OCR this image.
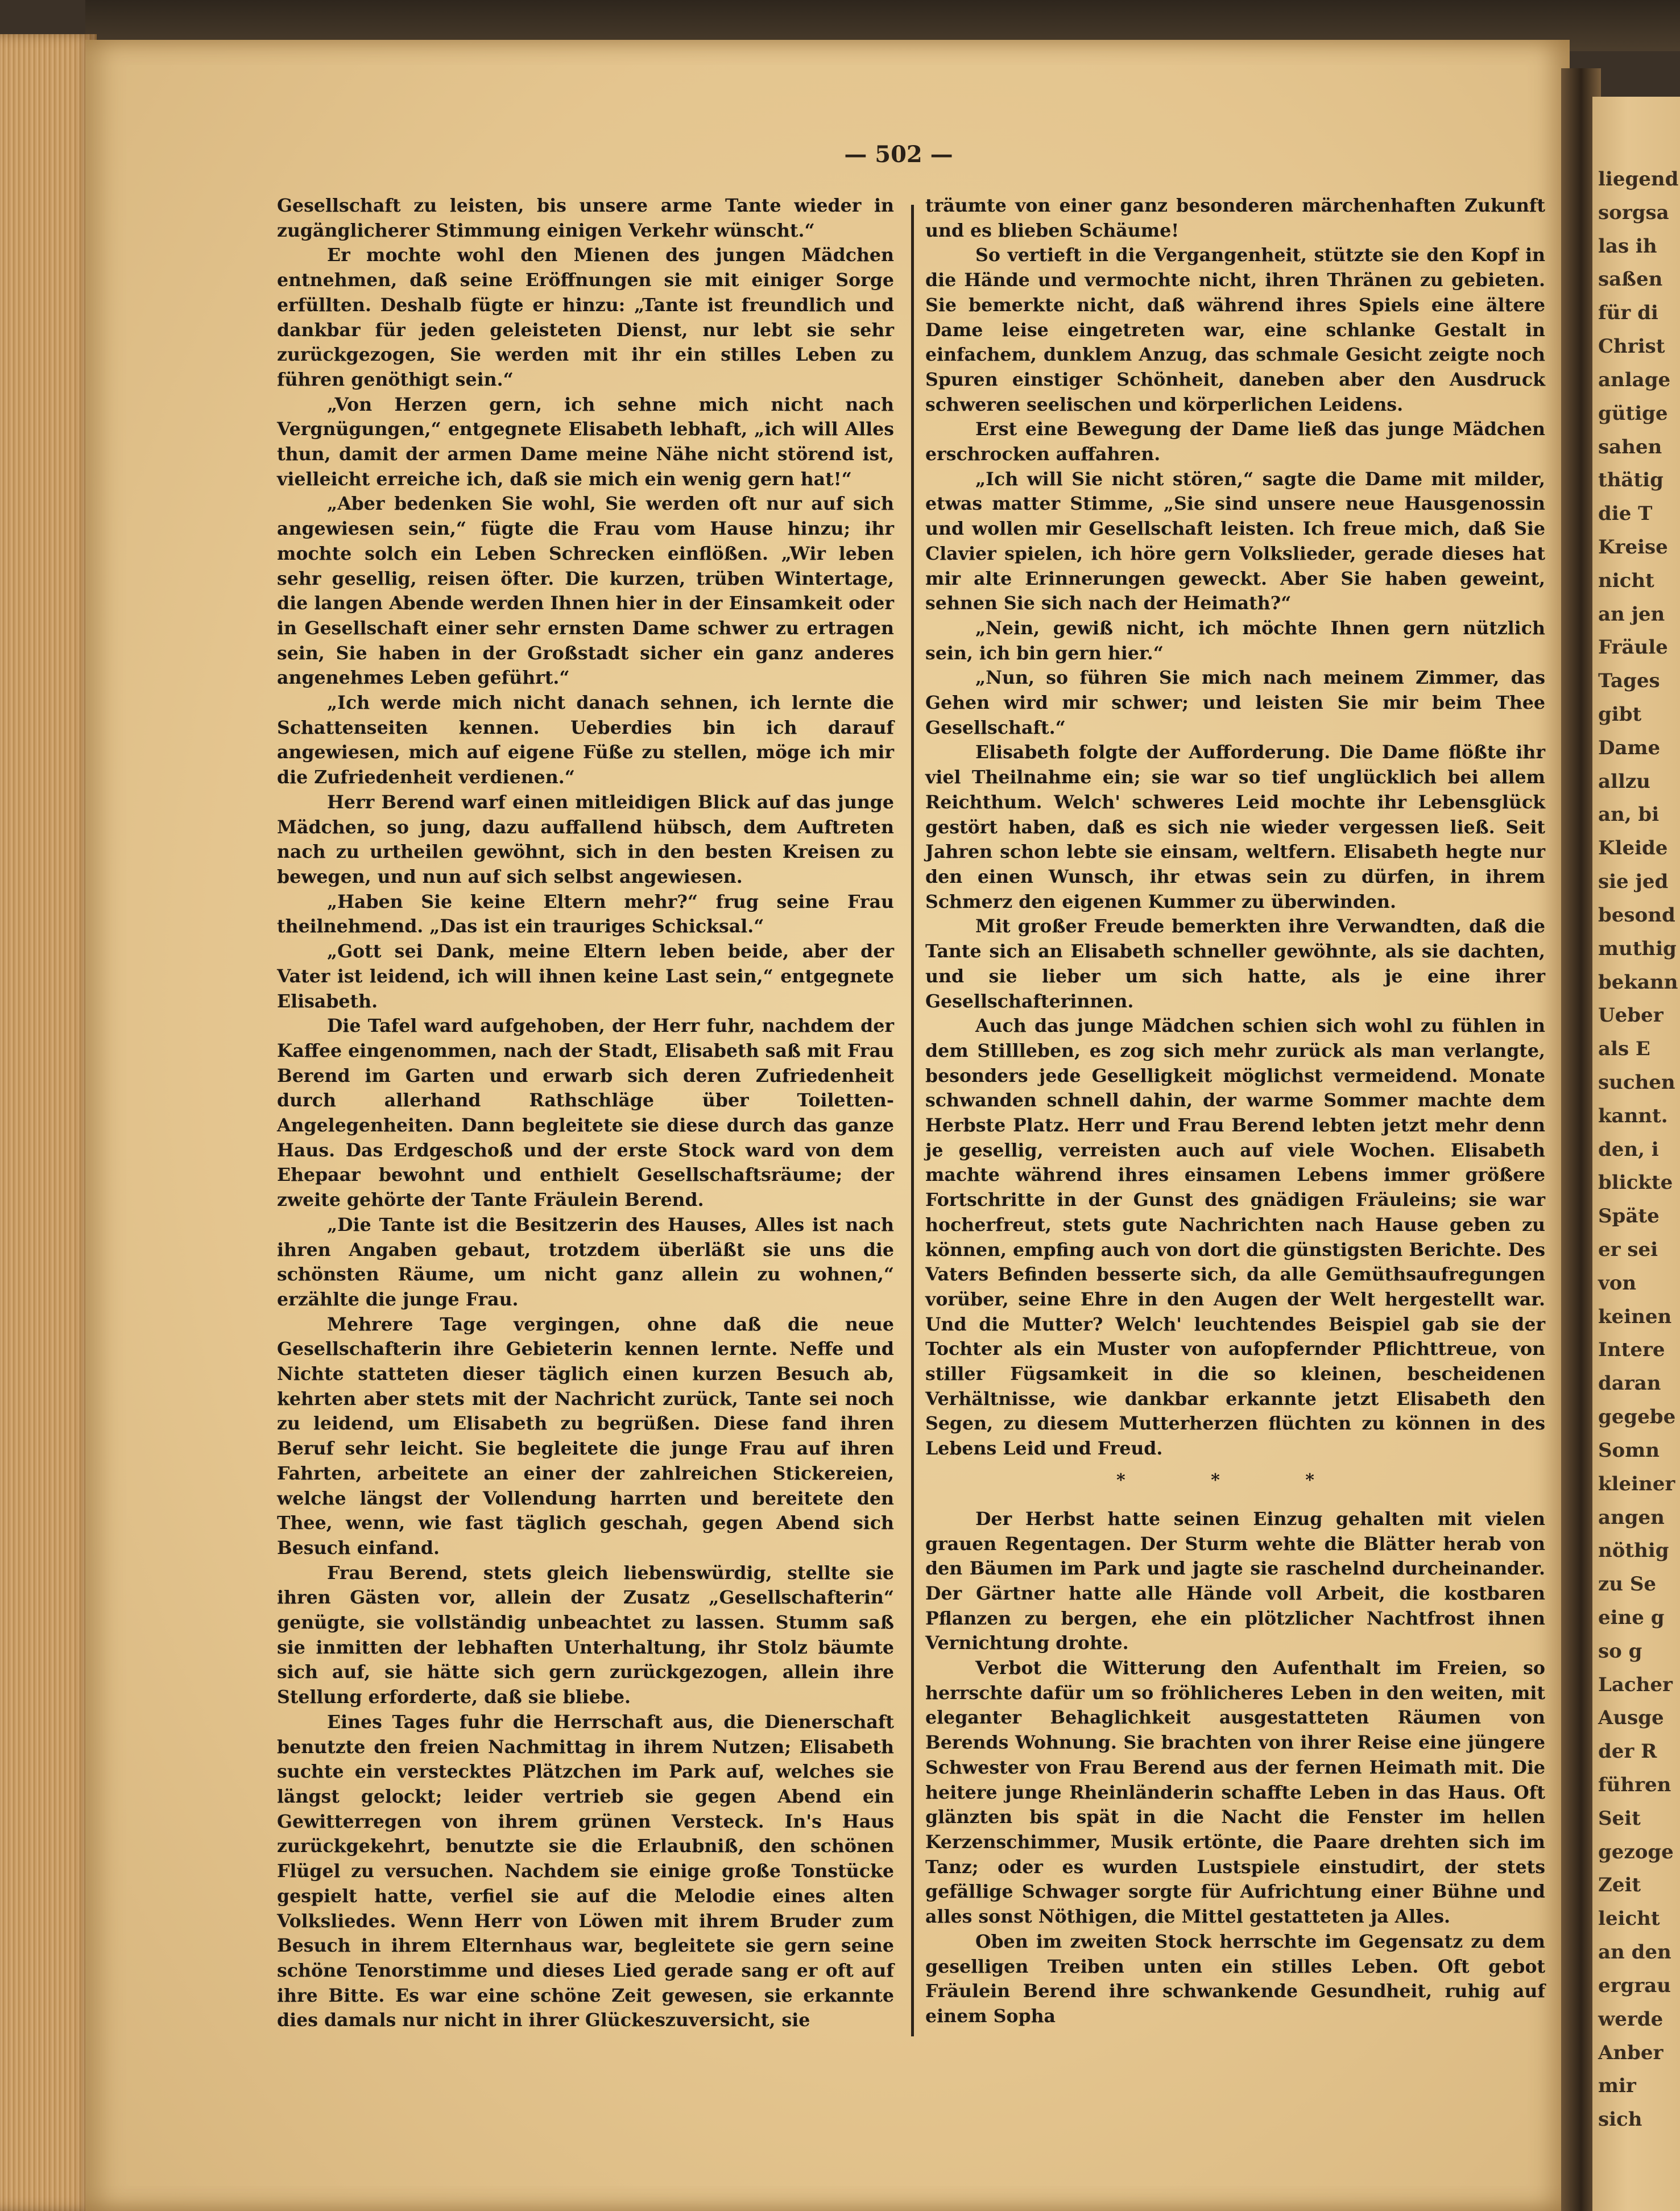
liegend
sorgsa
las ih
saßen
für di
Christ
anlage
gütige
sahen
thätig
die T
Kreise
nicht
an jen
Fräule
Tages
gibt
Dame
allzu
an, bi
Kleide
sie jed
besond
muthig
bekann
Ueber
als E
suchen
kannt.
den, i
blickte
Späte
er sei
von
keinen
Intere
daran
gegebe
Somn
kleiner
angen
nöthig
zu Se
eine g
so g
Lacher
Ausge
der R
führen
Seit
gezoge
Zeit
leicht
an den
ergrau
werde
Anber
mir
sich
— 502 —

Gesellschaft zu leisten, bis unsere arme Tante wieder in zugänglicherer Stimmung einigen Verkehr wünscht.“

Er mochte wohl den Mienen des jungen Mädchen entnehmen, daß seine Eröffnungen sie mit einiger Sorge erfüllten. Deshalb fügte er hinzu: „Tante ist freundlich und dankbar für jeden geleisteten Dienst, nur lebt sie sehr zurückgezogen, Sie werden mit ihr ein stilles Leben zu führen genöthigt sein.“

„Von Herzen gern, ich sehne mich nicht nach Vergnügungen,“ entgegnete Elisabeth lebhaft, „ich will Alles thun, damit der armen Dame meine Nähe nicht störend ist, vielleicht erreiche ich, daß sie mich ein wenig gern hat!“

„Aber bedenken Sie wohl, Sie werden oft nur auf sich angewiesen sein,“ fügte die Frau vom Hause hinzu; ihr mochte solch ein Leben Schrecken einflößen. „Wir leben sehr gesellig, reisen öfter. Die kurzen, trüben Wintertage, die langen Abende werden Ihnen hier in der Einsamkeit oder in Gesellschaft einer sehr ernsten Dame schwer zu ertragen sein, Sie haben in der Großstadt sicher ein ganz anderes angenehmes Leben geführt.“

„Ich werde mich nicht danach sehnen, ich lernte die Schattenseiten kennen. Ueberdies bin ich darauf angewiesen, mich auf eigene Füße zu stellen, möge ich mir die Zufriedenheit verdienen.“

Herr Berend warf einen mitleidigen Blick auf das junge Mädchen, so jung, dazu auffallend hübsch, dem Auftreten nach zu urtheilen gewöhnt, sich in den besten Kreisen zu bewegen, und nun auf sich selbst angewiesen.

„Haben Sie keine Eltern mehr?“ frug seine Frau theilnehmend. „Das ist ein trauriges Schicksal.“

„Gott sei Dank, meine Eltern leben beide, aber der Vater ist leidend, ich will ihnen keine Last sein,“ entgegnete Elisabeth.

Die Tafel ward aufgehoben, der Herr fuhr, nachdem der Kaffee eingenommen, nach der Stadt, Elisabeth saß mit Frau Berend im Garten und erwarb sich deren Zufriedenheit durch allerhand Rathschläge über Toiletten-Angelegenheiten. Dann begleitete sie diese durch das ganze Haus. Das Erdgeschoß und der erste Stock ward von dem Ehepaar bewohnt und enthielt Gesellschaftsräume; der zweite gehörte der Tante Fräulein Berend.

„Die Tante ist die Besitzerin des Hauses, Alles ist nach ihren Angaben gebaut, trotzdem überläßt sie uns die schönsten Räume, um nicht ganz allein zu wohnen,“ erzählte die junge Frau.

Mehrere Tage vergingen, ohne daß die neue Gesellschafterin ihre Gebieterin kennen lernte. Neffe und Nichte statteten dieser täglich einen kurzen Besuch ab, kehrten aber stets mit der Nachricht zurück, Tante sei noch zu leidend, um Elisabeth zu begrüßen. Diese fand ihren Beruf sehr leicht. Sie begleitete die junge Frau auf ihren Fahrten, arbeitete an einer der zahlreichen Stickereien, welche längst der Vollendung harrten und bereitete den Thee, wenn, wie fast täglich geschah, gegen Abend sich Besuch einfand.

Frau Berend, stets gleich liebenswürdig, stellte sie ihren Gästen vor, allein der Zusatz „Gesellschafterin“ genügte, sie vollständig unbeachtet zu lassen. Stumm saß sie inmitten der lebhaften Unterhaltung, ihr Stolz bäumte sich auf, sie hätte sich gern zurückgezogen, allein ihre Stellung erforderte, daß sie bliebe.

Eines Tages fuhr die Herrschaft aus, die Dienerschaft benutzte den freien Nachmittag in ihrem Nutzen; Elisabeth suchte ein verstecktes Plätzchen im Park auf, welches sie längst gelockt; leider vertrieb sie gegen Abend ein Gewitterregen von ihrem grünen Versteck. In's Haus zurückgekehrt, benutzte sie die Erlaubniß, den schönen Flügel zu versuchen. Nachdem sie einige große Tonstücke gespielt hatte, verfiel sie auf die Melodie eines alten Volksliedes. Wenn Herr von Löwen mit ihrem Bruder zum Besuch in ihrem Elternhaus war, begleitete sie gern seine schöne Tenorstimme und dieses Lied gerade sang er oft auf ihre Bitte. Es war eine schöne Zeit gewesen, sie erkannte dies damals nur nicht in ihrer Glückeszuversicht, sie

träumte von einer ganz besonderen märchenhaften Zukunft und es blieben Schäume!

So vertieft in die Vergangenheit, stützte sie den Kopf in die Hände und vermochte nicht, ihren Thränen zu gebieten. Sie bemerkte nicht, daß während ihres Spiels eine ältere Dame leise eingetreten war, eine schlanke Gestalt in einfachem, dunklem Anzug, das schmale Gesicht zeigte noch Spuren einstiger Schönheit, daneben aber den Ausdruck schweren seelischen und körperlichen Leidens.

Erst eine Bewegung der Dame ließ das junge Mädchen erschrocken auffahren.

„Ich will Sie nicht stören,“ sagte die Dame mit milder, etwas matter Stimme, „Sie sind unsere neue Hausgenossin und wollen mir Gesellschaft leisten. Ich freue mich, daß Sie Clavier spielen, ich höre gern Volkslieder, gerade dieses hat mir alte Erinnerungen geweckt. Aber Sie haben geweint, sehnen Sie sich nach der Heimath?“

„Nein, gewiß nicht, ich möchte Ihnen gern nützlich sein, ich bin gern hier.“

„Nun, so führen Sie mich nach meinem Zimmer, das Gehen wird mir schwer; und leisten Sie mir beim Thee Gesellschaft.“

Elisabeth folgte der Aufforderung. Die Dame flößte ihr viel Theilnahme ein; sie war so tief unglücklich bei allem Reichthum. Welch' schweres Leid mochte ihr Lebensglück gestört haben, daß es sich nie wieder vergessen ließ. Seit Jahren schon lebte sie einsam, weltfern. Elisabeth hegte nur den einen Wunsch, ihr etwas sein zu dürfen, in ihrem Schmerz den eigenen Kummer zu überwinden.

Mit großer Freude bemerkten ihre Verwandten, daß die Tante sich an Elisabeth schneller gewöhnte, als sie dachten, und sie lieber um sich hatte, als je eine ihrer Gesellschafterinnen.

Auch das junge Mädchen schien sich wohl zu fühlen in dem Stillleben, es zog sich mehr zurück als man verlangte, besonders jede Geselligkeit möglichst vermeidend. Monate schwanden schnell dahin, der warme Sommer machte dem Herbste Platz. Herr und Frau Berend lebten jetzt mehr denn je gesellig, verreisten auch auf viele Wochen. Elisabeth machte während ihres einsamen Lebens immer größere Fortschritte in der Gunst des gnädigen Fräuleins; sie war hocherfreut, stets gute Nachrichten nach Hause geben zu können, empfing auch von dort die günstigsten Berichte. Des Vaters Befinden besserte sich, da alle Gemüthsaufregungen vorüber, seine Ehre in den Augen der Welt hergestellt war. Und die Mutter? Welch' leuchtendes Beispiel gab sie der Tochter als ein Muster von aufopfernder Pflichttreue, von stiller Fügsamkeit in die so kleinen, bescheidenen Verhältnisse, wie dankbar erkannte jetzt Elisabeth den Segen, zu diesem Mutterherzen flüchten zu können in des Lebens Leid und Freud.

* * *

Der Herbst hatte seinen Einzug gehalten mit vielen grauen Regentagen. Der Sturm wehte die Blätter herab von den Bäumen im Park und jagte sie raschelnd durcheinander. Der Gärtner hatte alle Hände voll Arbeit, die kostbaren Pflanzen zu bergen, ehe ein plötzlicher Nachtfrost ihnen Vernichtung drohte.

Verbot die Witterung den Aufenthalt im Freien, so herrschte dafür um so fröhlicheres Leben in den weiten, mit eleganter Behaglichkeit ausgestatteten Räumen von Berends Wohnung. Sie brachten von ihrer Reise eine jüngere Schwester von Frau Berend aus der fernen Heimath mit. Die heitere junge Rheinländerin schaffte Leben in das Haus. Oft glänzten bis spät in die Nacht die Fenster im hellen Kerzenschimmer, Musik ertönte, die Paare drehten sich im Tanz; oder es wurden Lustspiele einstudirt, der stets gefällige Schwager sorgte für Aufrichtung einer Bühne und alles sonst Nöthigen, die Mittel gestatteten ja Alles.

Oben im zweiten Stock herrschte im Gegensatz zu dem geselligen Treiben unten ein stilles Leben. Oft gebot Fräulein Berend ihre schwankende Gesundheit, ruhig auf einem Sopha
